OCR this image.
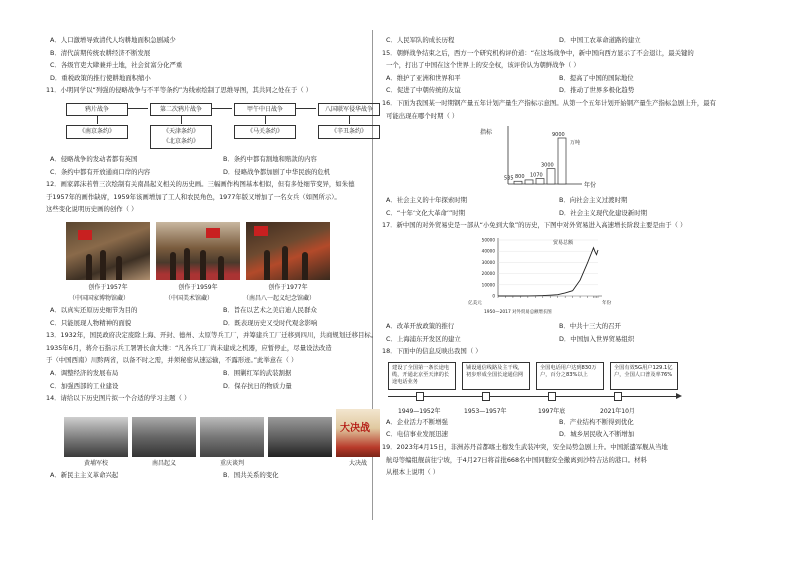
A．人口激增导致清代人均耕地面积急剧减少

B．清代前期传统农耕经济不断发展

C．各级官吏大肆兼并土地，社会贫富分化严重

D．重税政策的推行使耕地面积缩小

11．小明同学以“列强的侵略战争与不平等条约”为线索绘制了思维导图，其共同之处在于（ ）

鸦片战争
《南京条约》
第二次鸦片战争
《天津条约》
《北京条约》
甲午中日战争
《马关条约》
八国联军侵华战争
《辛丑条约》
A．侵略战争的发动者都有英国	B．条约中都有割地和赔款的内容
C．条约中都有开放通商口岸的内容	D．侵略战争都加剧了中华民族的危机

12．画家郭沫若曾三次绘制有关南昌起义相关的历史画。三幅画作构图基本相似，但有多处细节变异，如朱德

于1957年的画作缺席，1959年该画增加了工人和农民角色，1977年版又增加了一名女兵（如图所示）。

这些变化说明历史画的创作（ ）

创作于1957年	创作于1959年	创作于1977年
（中国国家博物馆藏）	（中国美术馆藏）	（南昌八一起义纪念馆藏）
A．以真实还原历史细节为目的	B．旨在以艺术之美启迪人民群众
C．只能展现人物精神的面貌	D．既表现历史又受时代观念影响

13．1932年，国民政府决定废除上海、开封、德州、太原等兵工厂，并筹建兵工厂迁移到四川，共商规划迁移目标。

1935年6月，蒋介石指示兵工署署长俞大维：“凡各兵工厂尚未建成之机器，应暂停止，尽量设法改造

于（中国西南）川黔两省，以备不时之需，并须秘密从速运输，不露形迹。”此举意在（ ）

A．调整经济的发展布局	B．围剿红军的武装割据
C．加强西部的工业建设	D．保存抗日的物质力量

14．请给以下历史图片拟一个合适的学习主题（ ）

大决战
黄埔军校	南昌起义	重庆谈判	大决战
A．新民主主义革命兴起	B．国共关系的变化
C．人民军队的成长历程	D．中国工农革命道路的建立

15．朝鲜战争结束之后，西方一个研究机构评价道：“在这场战争中，新中国向西方显示了不会退让，最关键的

一个，打出了中国在这个世界上的安全权，该评价认为朝鲜战争（ ）

A．维护了亚洲和世界和平	B．提高了中国的国际地位
C．促进了中朝传统的友谊	D．推动了世界多极化趋势

16．下面为我国某一时期钢产量五年计划产量生产指标示意图。从第一个五年计划开始钢产量生产指标急剧上升，最有

可能出现在哪个时期（ ）

指标
年份
535 800 1070
3000
9000
万吨
A．社会主义的十年探索时期	B．向社会主义过渡时期
C．“十年‘文化大革命’”时期	D．社会主义现代化建设新时期

17．新中国的对外贸易史是一部从“小免到大象”的历史，下图中对外贸易进入高速增长阶段主要是由于（ ）

0
10000
20000
30000
40000
50000	贸易总额
亿美元	年份
1950—2017 对外贸易总额增长图
A．改革开放政策的推行	B．中共十三大的召开
C．上海浦东开发区的建立	D．中国加入世界贸易组织

18．下面中的信息反映出我国（ ）

建设了全国第一条长途电缆，开通北京至天津的长途电话业务
铺设通信线路及主干线，初步形成全国长途通信网
全国电话用户达到830万户，百分之83%以上
全国有效5G用户129.1亿户，全国人口普及率76%
1949—1952年	1953—1957年	1997年底	2021年10月
A．企业活力不断增强	B．产业结构不断得到优化
C．电信事业发展迅速	D．城乡居民收入不断增加

19．2023年4月15日，非洲苏丹首都喀土穆发生武装冲突，安全局势急剧上升。中国派遣军舰从当地

航母等编组舰前往宁坡，于4月27日将首批668名中国同胞安全撤离到沙特吉达的港口。材料

从根本上说明（ ）
